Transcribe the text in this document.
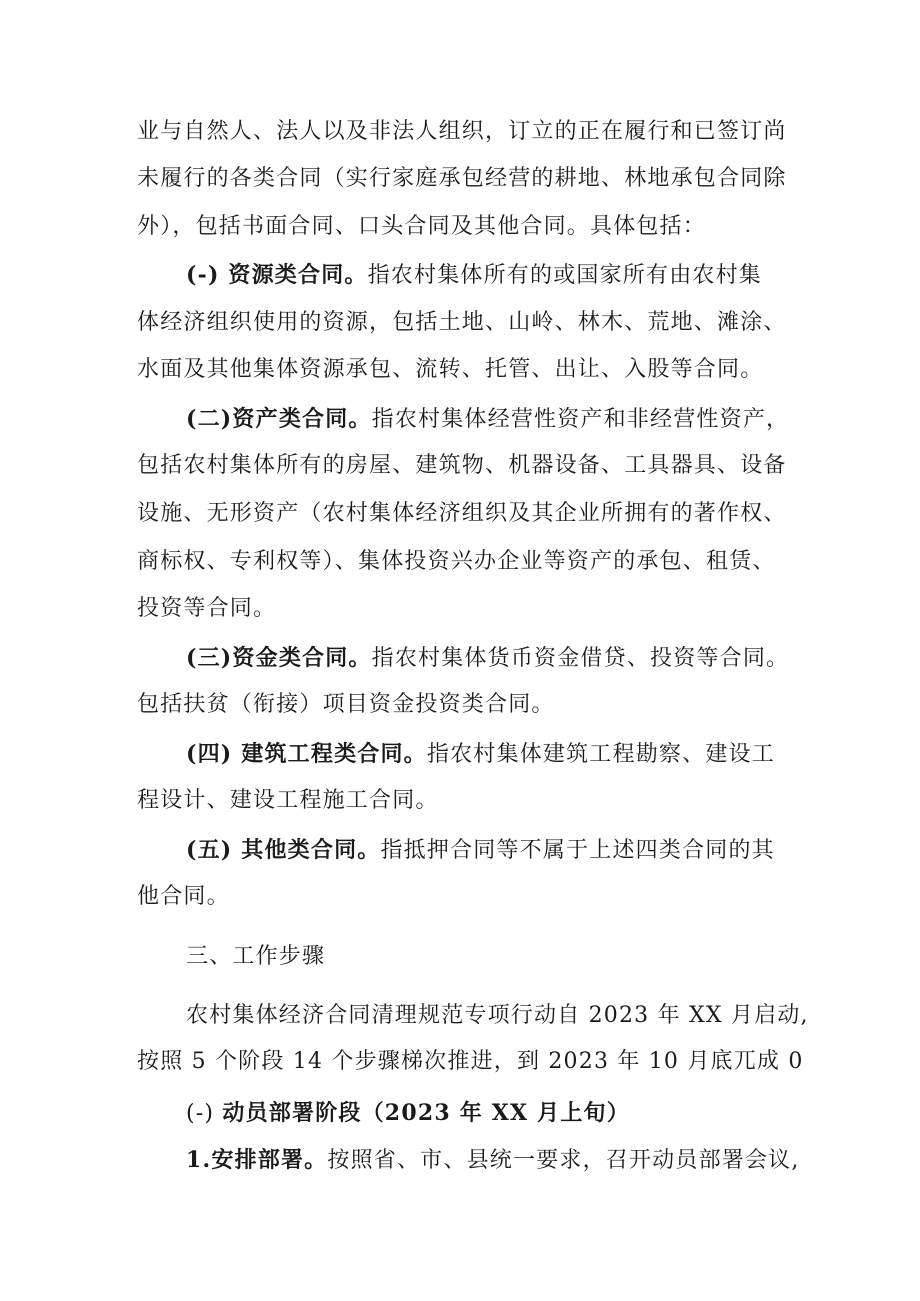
业与自然人、法人以及非法人组织，订立的正在履行和已签订尚
未履行的各类合同（实行家庭承包经营的耕地、林地承包合同除
外），包括书面合同、口头合同及其他合同。具体包括：
(-) 资源类合同。指农村集体所有的或国家所有由农村集
体经济组织使用的资源，包括土地、山岭、林木、荒地、滩涂、
水面及其他集体资源承包、流转、托管、出让、入股等合同。
(二)资产类合同。指农村集体经营性资产和非经营性资产，
包括农村集体所有的房屋、建筑物、机器设备、工具器具、设备
设施、无形资产（农村集体经济组织及其企业所拥有的著作权、
商标权、专利权等）、集体投资兴办企业等资产的承包、租赁、
投资等合同。
(三)资金类合同。指农村集体货币资金借贷、投资等合同。
包括扶贫（衔接）项目资金投资类合同。
(四) 建筑工程类合同。指农村集体建筑工程勘察、建设工
程设计、建设工程施工合同。
(五) 其他类合同。指抵押合同等不属于上述四类合同的其
他合同。
三、工作步骤
农村集体经济合同清理规范专项行动自 2023 年 XX 月启动,
按照 5 个阶段 14 个步骤梯次推进，到 2023 年 10 月底兀成 0
(-) 动员部署阶段（2023 年 XX 月上旬）
1.安排部署。按照省、市、县统一要求，召开动员部署会议,
